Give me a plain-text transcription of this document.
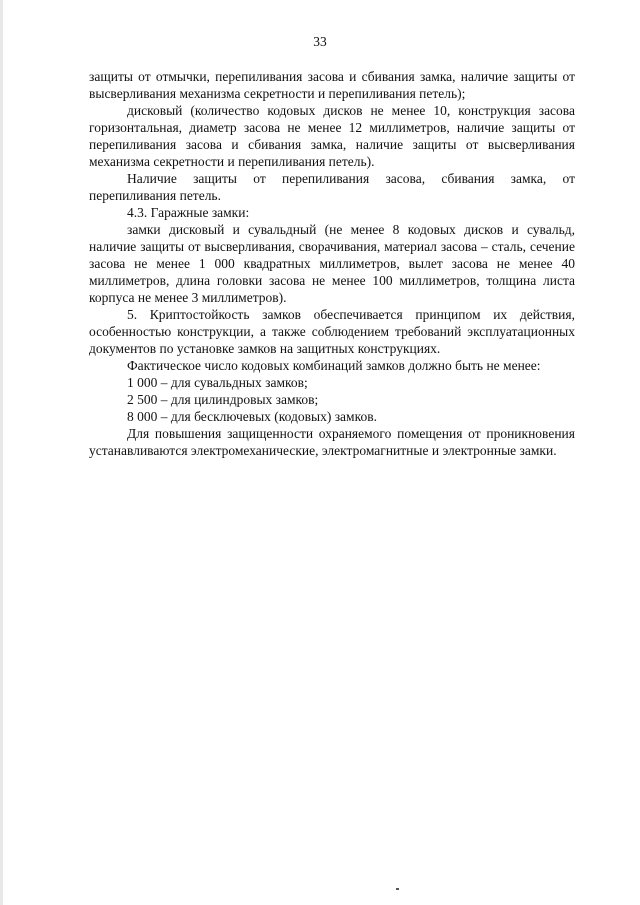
33

защиты от отмычки, перепиливания засова и сбивания замка, наличие защиты от высверливания механизма секретности и перепиливания петель);

дисковый (количество кодовых дисков не менее 10, конструкция засова горизонтальная, диаметр засова не менее 12 миллиметров, наличие защиты от перепиливания засова и сбивания замка, наличие защиты от высверливания механизма секретности и перепиливания петель).

Наличие защиты от перепиливания засова, сбивания замка, от перепиливания петель.

4.3. Гаражные замки:

замки дисковый и сувальдный (не менее 8 кодовых дисков и сувальд, наличие защиты от высверливания, сворачивания, материал засова – сталь, сечение засова не менее 1 000 квадратных миллиметров, вылет засова не менее 40 миллиметров, длина головки засова не менее 100 миллиметров, толщина листа корпуса не менее 3 миллиметров).

5. Криптостойкость замков обеспечивается принципом их действия, особенностью конструкции, а также соблюдением требований эксплуатационных документов по установке замков на защитных конструкциях.

Фактическое число кодовых комбинаций замков должно быть не менее:

1 000 – для сувальдных замков;

2 500 – для цилиндровых замков;

8 000 – для бесключевых (кодовых) замков.

Для повышения защищенности охраняемого помещения от проникновения устанавливаются электромеханические, электромагнитные и электронные замки.
